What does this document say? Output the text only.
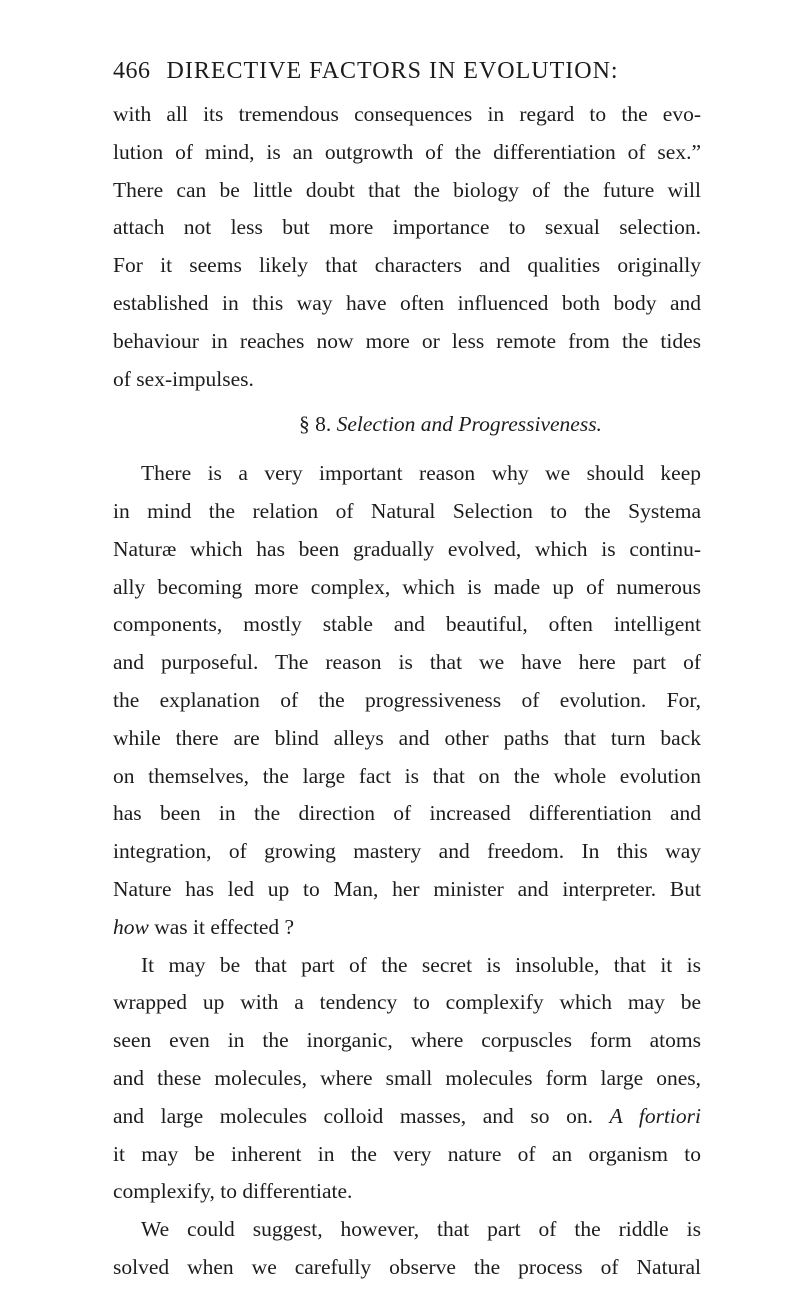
466 DIRECTIVE FACTORS IN EVOLUTION:
with all its tremendous consequences in regard to the evo-
lution of mind, is an outgrowth of the differentiation of sex.”
There can be little doubt that the biology of the future will
attach not less but more importance to sexual selection.
For it seems likely that characters and qualities originally
established in this way have often influenced both body and
behaviour in reaches now more or less remote from the tides
of sex-impulses.
§ 8. Selection and Progressiveness.
There is a very important reason why we should keep
in mind the relation of Natural Selection to the Systema
Naturæ which has been gradually evolved, which is continu-
ally becoming more complex, which is made up of numerous
components, mostly stable and beautiful, often intelligent
and purposeful. The reason is that we have here part of
the explanation of the progressiveness of evolution. For,
while there are blind alleys and other paths that turn back
on themselves, the large fact is that on the whole evolution
has been in the direction of increased differentiation and
integration, of growing mastery and freedom. In this way
Nature has led up to Man, her minister and interpreter. But
how was it effected ?
It may be that part of the secret is insoluble, that it is
wrapped up with a tendency to complexify which may be
seen even in the inorganic, where corpuscles form atoms
and these molecules, where small molecules form large ones,
and large molecules colloid masses, and so on. A fortiori
it may be inherent in the very nature of an organism to
complexify, to differentiate.
We could suggest, however, that part of the riddle is
solved when we carefully observe the process of Natural
